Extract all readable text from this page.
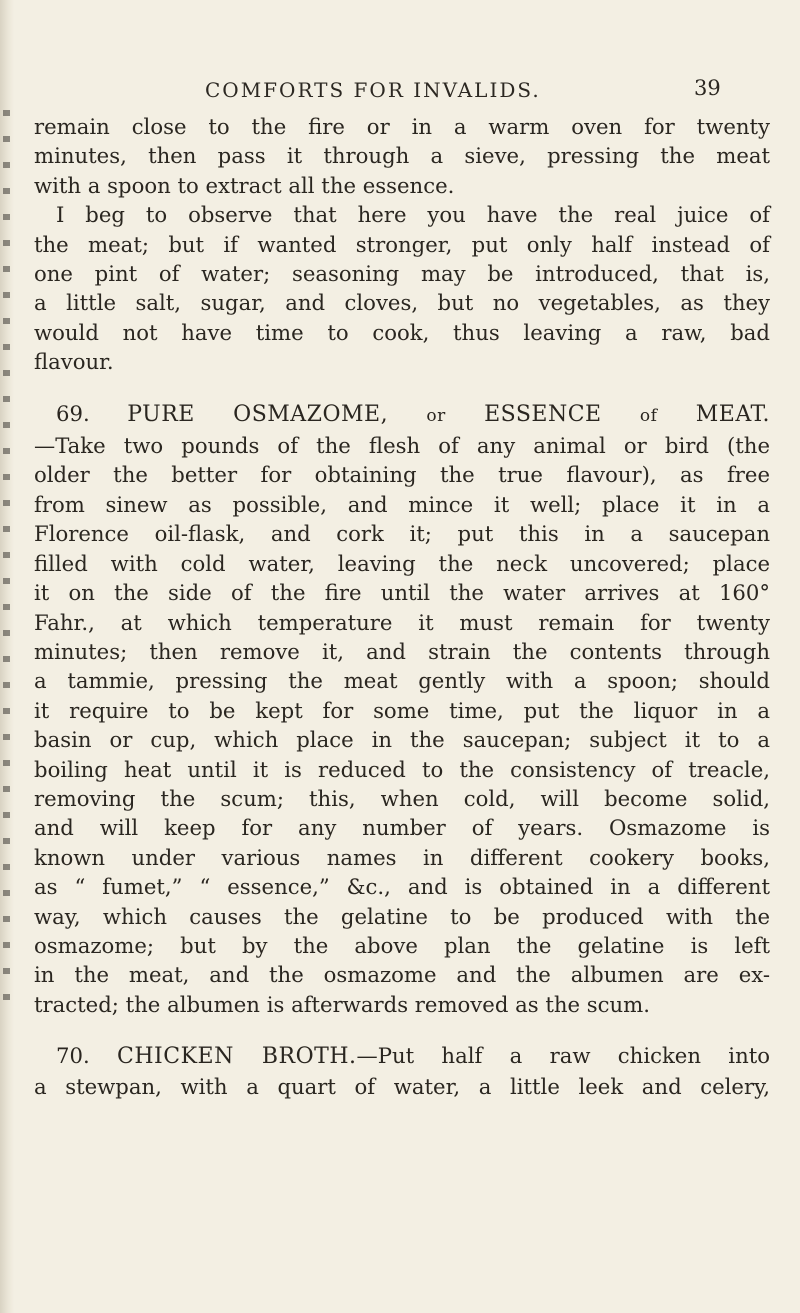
COMFORTS FOR INVALIDS.	39

remain close to the fire or in a warm oven for twenty
minutes, then pass it through a sieve, pressing the meat
with a spoon to extract all the essence.

I beg to observe that here you have the real juice of
the meat; but if wanted stronger, put only half instead of
one pint of water; seasoning may be introduced, that is,
a little salt, sugar, and cloves, but no vegetables, as they
would not have time to cook, thus leaving a raw, bad
flavour.

69. PURE OSMAZOME, or ESSENCE of MEAT.
—Take two pounds of the flesh of any animal or bird (the
older the better for obtaining the true flavour), as free
from sinew as possible, and mince it well; place it in a
Florence oil-flask, and cork it; put this in a saucepan
filled with cold water, leaving the neck uncovered; place
it on the side of the fire until the water arrives at 160°
Fahr., at which temperature it must remain for twenty
minutes; then remove it, and strain the contents through
a tammie, pressing the meat gently with a spoon; should
it require to be kept for some time, put the liquor in a
basin or cup, which place in the saucepan; subject it to a
boiling heat until it is reduced to the consistency of treacle,
removing the scum; this, when cold, will become solid,
and will keep for any number of years. Osmazome is
known under various names in different cookery books,
as “ fumet,” “ essence,” &c., and is obtained in a different
way, which causes the gelatine to be produced with the
osmazome; but by the above plan the gelatine is left
in the meat, and the osmazome and the albumen are ex-
tracted; the albumen is afterwards removed as the scum.
70. CHICKEN BROTH.—Put half a raw chicken into
a stewpan, with a quart of water, a little leek and celery,
